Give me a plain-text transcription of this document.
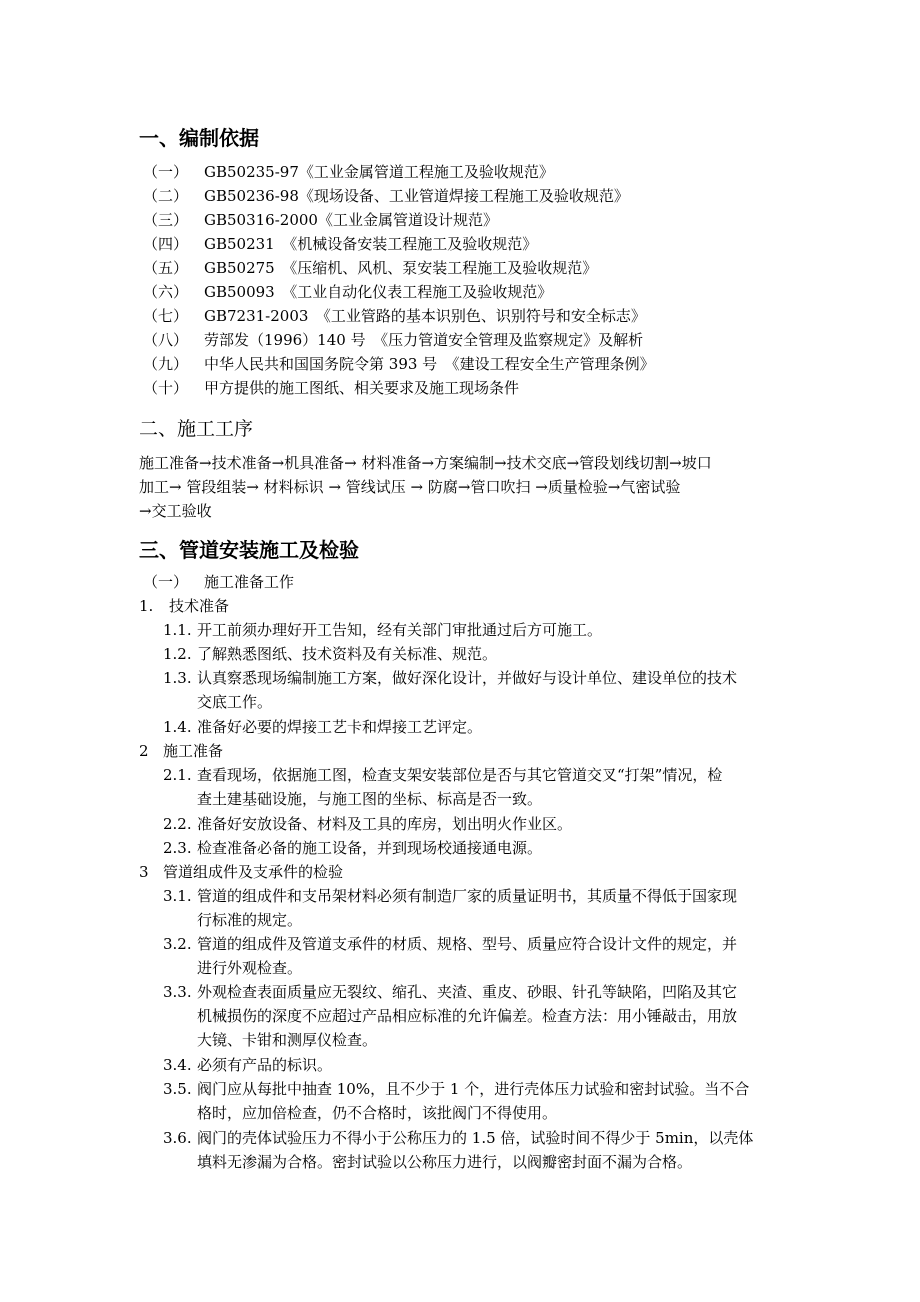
一、编制依据
（一） GB50235-97《工业金属管道工程施工及验收规范》
（二） GB50236-98《现场设备、工业管道焊接工程施工及验收规范》
（三） GB50316-2000《工业金属管道设计规范》
（四） GB50231　《机械设备安装工程施工及验收规范》
（五） GB50275　《压缩机、风机、泵安装工程施工及验收规范》
（六） GB50093　《工业自动化仪表工程施工及验收规范》
（七） GB7231-2003　《工业管路的基本识别色、识别符号和安全标志》
（八） 劳部发（1996）140 号　《压力管道安全管理及监察规定》及解析
（九） 中华人民共和国国务院令第 393 号　《建设工程安全生产管理条例》
（十） 甲方提供的施工图纸、相关要求及施工现场条件
二、施工工序
施工准备→技术准备→机具准备→ 材料准备→方案编制→技术交底→管段划线切割→坡口
加工→ 管段组装→ 材料标识 → 管线试压 → 防腐→管口吹扫 →质量检验→气密试验
→交工验收
三、管道安装施工及检验
（一） 施工准备工作
1. 技术准备
1.1. 开工前须办理好开工告知，经有关部门审批通过后方可施工。
1.2. 了解熟悉图纸、技术资料及有关标准、规范。
1.3. 认真察悉现场编制施工方案，做好深化设计，并做好与设计单位、建设单位的技术
交底工作。
1.4. 准备好必要的焊接工艺卡和焊接工艺评定。
2 施工准备
2.1. 查看现场，依据施工图，检查支架安装部位是否与其它管道交叉“打架”情况，检
查土建基础设施，与施工图的坐标、标高是否一致。
2.2. 准备好安放设备、材料及工具的库房，划出明火作业区。
2.3. 检查准备必备的施工设备，并到现场校通接通电源。
3 管道组成件及支承件的检验
3.1. 管道的组成件和支吊架材料必须有制造厂家的质量证明书，其质量不得低于国家现
行标准的规定。
3.2. 管道的组成件及管道支承件的材质、规格、型号、质量应符合设计文件的规定，并
进行外观检查。
3.3. 外观检查表面质量应无裂纹、缩孔、夹渣、重皮、砂眼、针孔等缺陷，凹陷及其它
机械损伤的深度不应超过产品相应标准的允许偏差。检查方法：用小锤敲击，用放
大镜、卡钳和测厚仪检查。
3.4. 必须有产品的标识。
3.5. 阀门应从每批中抽查 10%，且不少于 1 个，进行壳体压力试验和密封试验。当不合
格时，应加倍检查，仍不合格时，该批阀门不得使用。
3.6. 阀门的壳体试验压力不得小于公称压力的 1.5 倍，试验时间不得少于 5min，以壳体
填料无渗漏为合格。密封试验以公称压力进行，以阀瓣密封面不漏为合格。
